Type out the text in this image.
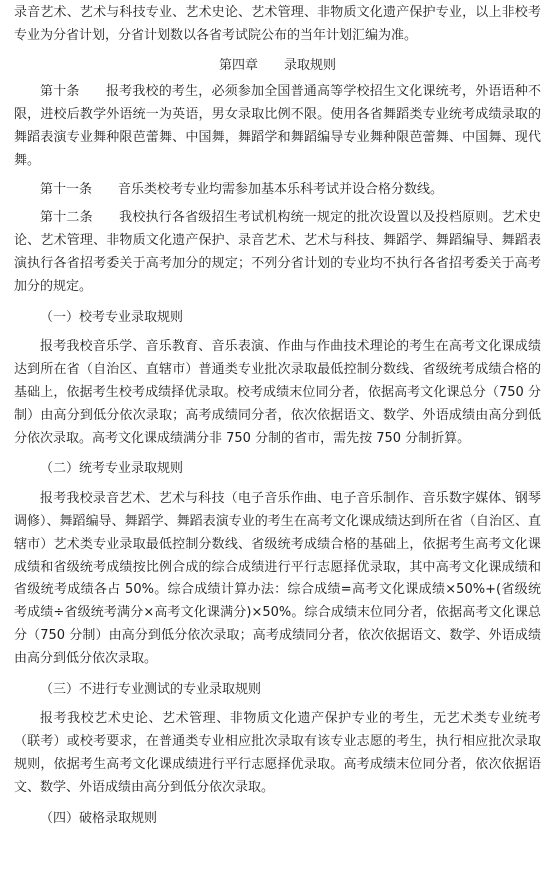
录音艺术、艺术与科技专业、艺术史论、艺术管理、非物质文化遗产保护专业，以上非校考专业为分省计划，分省计划数以各省考试院公布的当年计划汇编为准。

第四章　　录取规则

第十条　　报考我校的考生，必须参加全国普通高等学校招生文化课统考，外语语种不限，进校后教学外语统一为英语，男女录取比例不限。使用各省舞蹈类专业统考成绩录取的舞蹈表演专业舞种限芭蕾舞、中国舞，舞蹈学和舞蹈编导专业舞种限芭蕾舞、中国舞、现代舞。

第十一条　　音乐类校考专业均需参加基本乐科考试并设合格分数线。

第十二条　　我校执行各省级招生考试机构统一规定的批次设置以及投档原则。艺术史论、艺术管理、非物质文化遗产保护、录音艺术、艺术与科技、舞蹈学、舞蹈编导、舞蹈表演执行各省招考委关于高考加分的规定；不列分省计划的专业均不执行各省招考委关于高考加分的规定。

（一）校考专业录取规则

报考我校音乐学、音乐教育、音乐表演、作曲与作曲技术理论的考生在高考文化课成绩达到所在省（自治区、直辖市）普通类专业批次录取最低控制分数线、省级统考成绩合格的基础上，依据考生校考成绩择优录取。校考成绩末位同分者，依据高考文化课总分（750 分制）由高分到低分依次录取；高考成绩同分者，依次依据语文、数学、外语成绩由高分到低分依次录取。高考文化课成绩满分非 750 分制的省市，需先按 750 分制折算。

（二）统考专业录取规则

报考我校录音艺术、艺术与科技（电子音乐作曲、电子音乐制作、音乐数字媒体、钢琴调修）、舞蹈编导、舞蹈学、舞蹈表演专业的考生在高考文化课成绩达到所在省（自治区、直辖市）艺术类专业录取最低控制分数线、省级统考成绩合格的基础上，依据考生高考文化课成绩和省级统考成绩按比例合成的综合成绩进行平行志愿择优录取，其中高考文化课成绩和省级统考成绩各占 50%。综合成绩计算办法：综合成绩=高考文化课成绩×50%+(省级统考成绩÷省级统考满分×高考文化课满分)×50%。综合成绩末位同分者，依据高考文化课总分（750 分制）由高分到低分依次录取；高考成绩同分者，依次依据语文、数学、外语成绩由高分到低分依次录取。

（三）不进行专业测试的专业录取规则

报考我校艺术史论、艺术管理、非物质文化遗产保护专业的考生，无艺术类专业统考（联考）或校考要求，在普通类专业相应批次录取有该专业志愿的考生，执行相应批次录取规则，依据考生高考文化课成绩进行平行志愿择优录取。高考成绩末位同分者，依次依据语文、数学、外语成绩由高分到低分依次录取。

（四）破格录取规则
